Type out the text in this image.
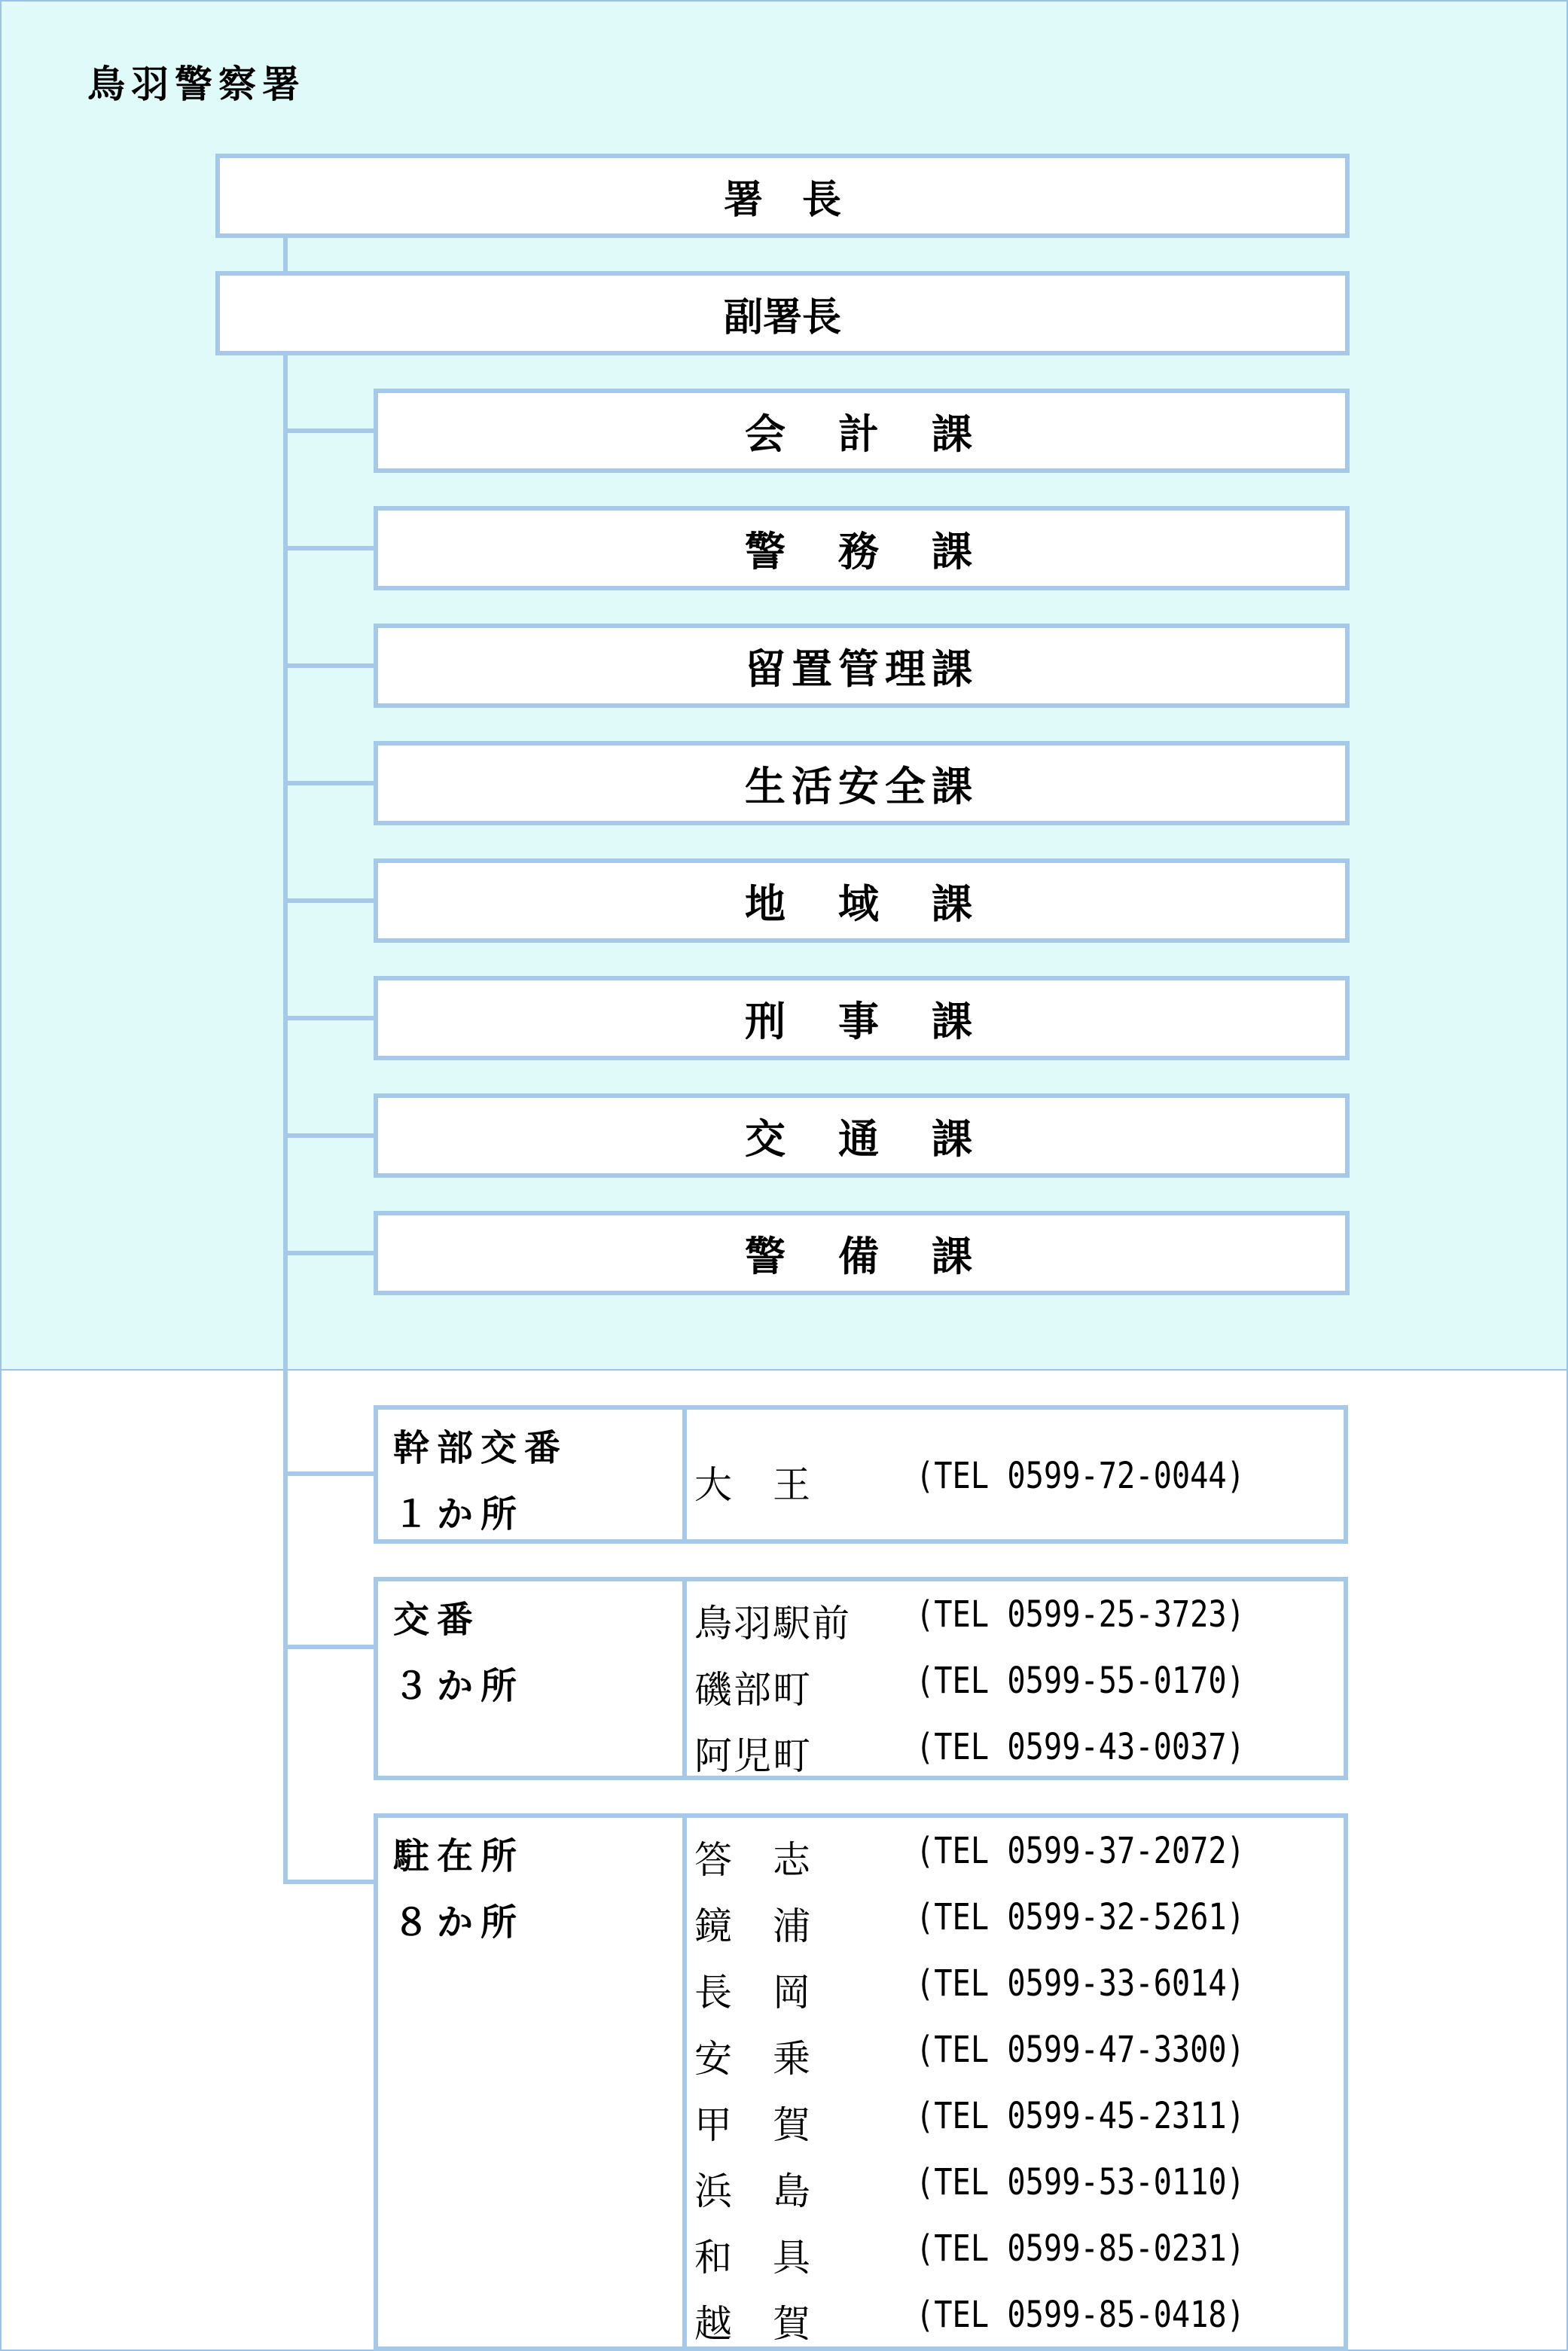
鳥羽警察署
署　長
副署長
会　計　課
警　務　課
留置管理課
生活安全課
地　域　課
刑　事　課
交　通　課
警　備　課
幹部交番
１か所
大　王	(TEL 0599-72-0044)
交番
３か所
鳥羽駅前 (TEL 0599-25-3723)
磯部町	(TEL 0599-55-0170)
阿児町	(TEL 0599-43-0037)
駐在所
８か所
答　志	(TEL 0599-37-2072)
鏡　浦	(TEL 0599-32-5261)
長　岡	(TEL 0599-33-6014)
安　乗	(TEL 0599-47-3300)
甲　賀	(TEL 0599-45-2311)
浜　島	(TEL 0599-53-0110)
和　具	(TEL 0599-85-0231)
越　賀	(TEL 0599-85-0418)
